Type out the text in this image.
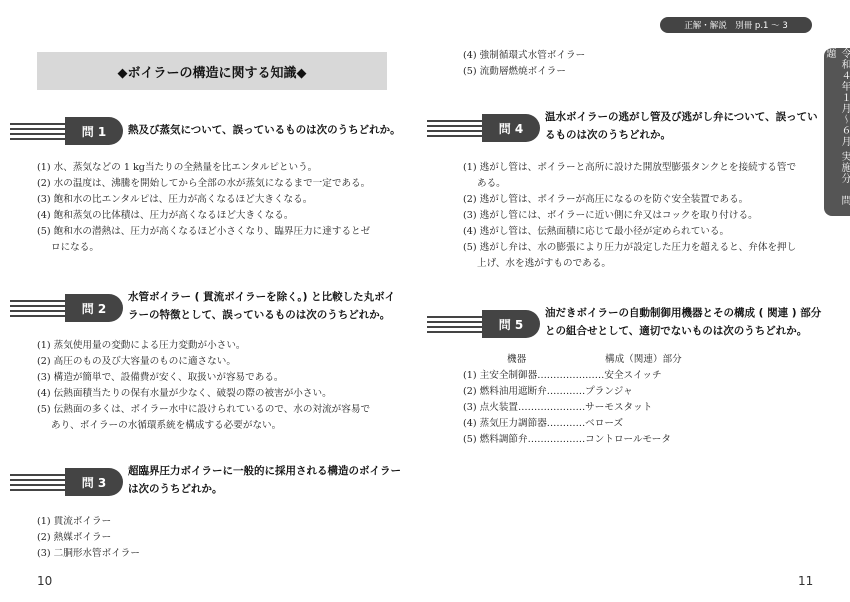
正解・解説　別冊 p.1 ～ 3
令和４年１月～６月 実施分　問題
◆ボイラーの構造に関する知識◆
問 1	熱及び蒸気について、誤っているものは次のうちどれか。
(1) 水、蒸気などの 1 kg当たりの全熱量を比エンタルピという。
(2) 水の温度は、沸騰を開始してから全部の水が蒸気になるまで一定である。
(3) 飽和水の比エンタルピは、圧力が高くなるほど大きくなる。
(4) 飽和蒸気の比体積は、圧力が高くなるほど大きくなる。
(5) 飽和水の潜熱は、圧力が高くなるほど小さくなり、臨界圧力に達するとゼ
ロになる。
問 2
水管ボイラー ( 貫流ボイラーを除く。) と比較した丸ボイ
ラーの特徴として、誤っているものは次のうちどれか。
(1) 蒸気使用量の変動による圧力変動が小さい。
(2) 高圧のもの及び大容量のものに適さない。
(3) 構造が簡単で、設備費が安く、取扱いが容易である。
(4) 伝熱面積当たりの保有水量が少なく、破裂の際の被害が小さい。
(5) 伝熱面の多くは、ボイラー水中に設けられているので、水の対流が容易で
あり、ボイラーの水循環系統を構成する必要がない。
問 3
超臨界圧力ボイラーに一般的に採用される構造のボイラー
は次のうちどれか。
(1) 貫流ボイラー
(2) 熱媒ボイラー
(3) 二胴形水管ボイラー
10
(4) 強制循環式水管ボイラー
(5) 流動層燃焼ボイラー
問 4
温水ボイラーの逃がし管及び逃がし弁について、誤ってい
るものは次のうちどれか。
(1) 逃がし管は、ボイラーと高所に設けた開放型膨張タンクとを接続する管で
ある。
(2) 逃がし管は、ボイラーが高圧になるのを防ぐ安全装置である。
(3) 逃がし管には、ボイラーに近い側に弁又はコックを取り付ける。
(4) 逃がし管は、伝熱面積に応じて最小径が定められている。
(5) 逃がし弁は、水の膨張により圧力が設定した圧力を超えると、弁体を押し
上げ、水を逃がすものである。
問 5
油だきボイラーの自動制御用機器とその構成 ( 関連 ) 部分
との組合せとして、適切でないものは次のうちどれか。
機器	構成（関連）部分
(1) 主安全制御器…………………安全スイッチ
(2) 燃料油用遮断弁…………プランジャ
(3) 点火装置…………………サーモスタット
(4) 蒸気圧力調節器…………ベローズ
(5) 燃料調節弁………………コントロールモータ
11
